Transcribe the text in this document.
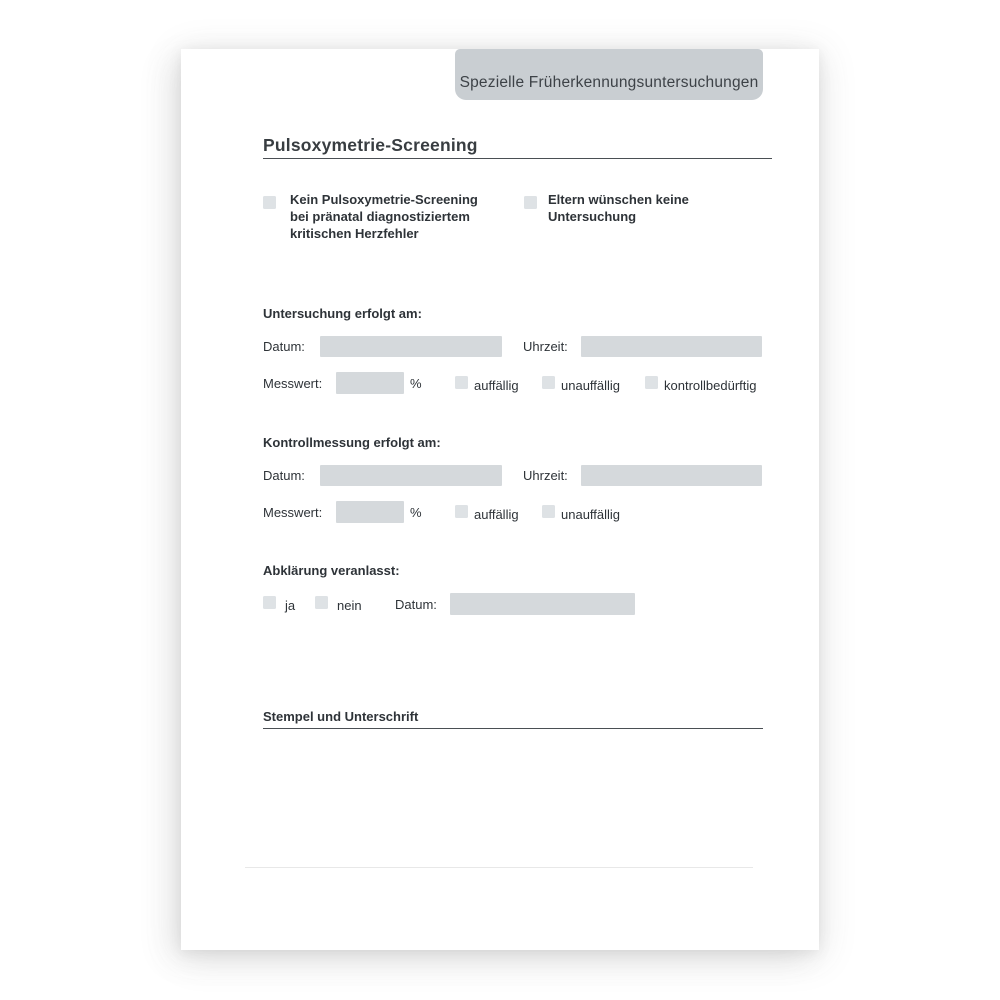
Spezielle Früherkennungsuntersuchungen
Pulsoxymetrie-Screening
Kein Pulsoxymetrie-Screening
bei pränatal diagnostiziertem
kritischen Herzfehler
Eltern wünschen keine
Untersuchung
Untersuchung erfolgt am:
Datum:	Uhrzeit:
Messwert:	%	auffällig	unauffällig	kontrollbedürftig
Kontrollmessung erfolgt am:
Datum:	Uhrzeit:
Messwert:	%	auffällig	unauffällig
Abklärung veranlasst:
ja	nein	Datum:
Stempel und Unterschrift
